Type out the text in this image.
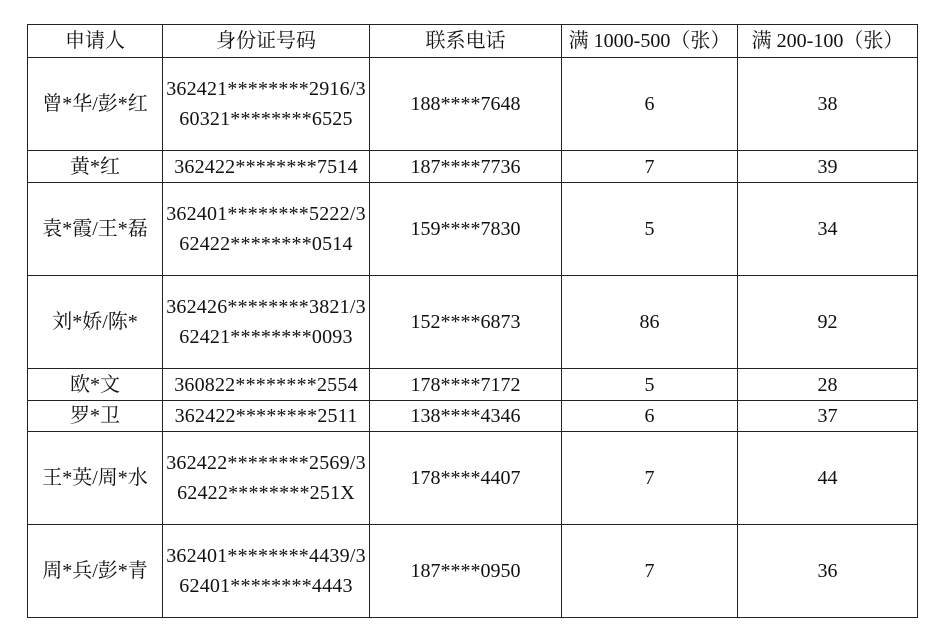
申请人	身份证号码	联系电话	满 1000-500（张）	满 200-100（张）
曾*华/彭*红	362421********2916/360321********6525	188****7648	6	38
黄*红	362422********7514	187****7736	7	39
袁*霞/王*磊	362401********5222/362422********0514	159****7830	5	34
刘*娇/陈*	362426********3821/362421********0093	152****6873	86	92
欧*文	360822********2554	178****7172	5	28
罗*卫	362422********2511	138****4346	6	37
王*英/周*水	362422********2569/362422********251X	178****4407	7	44
周*兵/彭*青	362401********4439/362401********4443	187****0950	7	36
